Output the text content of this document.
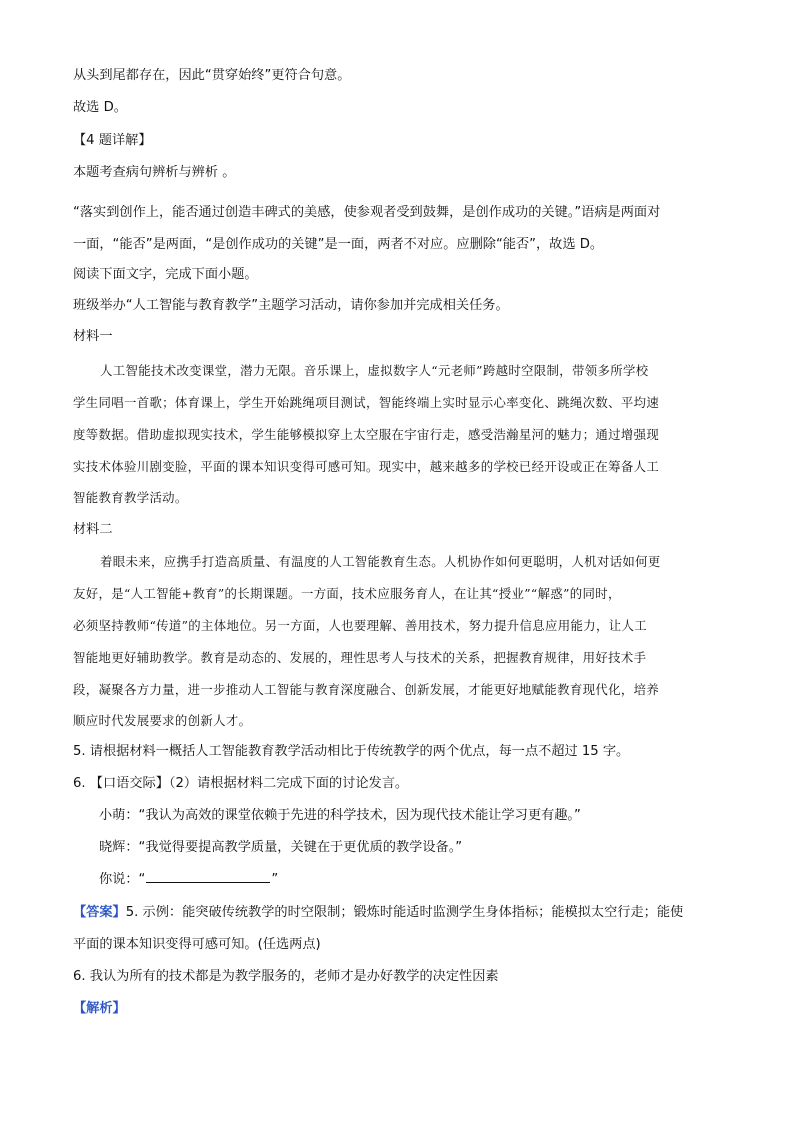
从头到尾都存在，因此“贯穿始终”更符合句意。
故选 D。
【4 题详解】
本题考查病句辨析与辨析 。
“落实到创作上，能否通过创造丰碑式的美感，使参观者受到鼓舞，是创作成功的关键。”语病是两面对
一面，“能否”是两面，“是创作成功的关键”是一面，两者不对应。应删除“能否”，故选 D。
阅读下面文字，完成下面小题。
班级举办“人工智能与教育教学”主题学习活动，请你参加并完成相关任务。
材料一
人工智能技术改变课堂，潜力无限。音乐课上，虚拟数字人“元老师”跨越时空限制，带领多所学校
学生同唱一首歌；体育课上，学生开始跳绳项目测试，智能终端上实时显示心率变化、跳绳次数、平均速
度等数据。借助虚拟现实技术，学生能够模拟穿上太空服在宇宙行走，感受浩瀚星河的魅力；通过增强现
实技术体验川剧变脸，平面的课本知识变得可感可知。现实中，越来越多的学校已经开设或正在筹备人工
智能教育教学活动。
材料二
着眼未来，应携手打造高质量、有温度的人工智能教育生态。人机协作如何更聪明，人机对话如何更
友好，是“人工智能+教育”的长期课题。一方面，技术应服务育人，在让其“授业”“解惑”的同时，
必须坚持教师“传道”的主体地位。另一方面，人也要理解、善用技术，努力提升信息应用能力，让人工
智能地更好辅助教学。教育是动态的、发展的，理性思考人与技术的关系，把握教育规律，用好技术手
段，凝聚各方力量，进一步推动人工智能与教育深度融合、创新发展，才能更好地赋能教育现代化，培养
顺应时代发展要求的创新人才。
5. 请根据材料一概括人工智能教育教学活动相比于传统教学的两个优点，每一点不超过 15 字。
6. 【口语交际】（2）请根据材料二完成下面的讨论发言。
小萌：“我认为高效的课堂依赖于先进的科学技术，因为现代技术能让学习更有趣。”
晓辉：“我觉得要提高教学质量，关键在于更优质的教学设备。”
你说：“	”
【答案】5. 示例：能突破传统教学的时空限制；锻炼时能适时监测学生身体指标；能模拟太空行走；能使
平面的课本知识变得可感可知。(任选两点)
6. 我认为所有的技术都是为教学服务的，老师才是办好教学的决定性因素
【解析】
